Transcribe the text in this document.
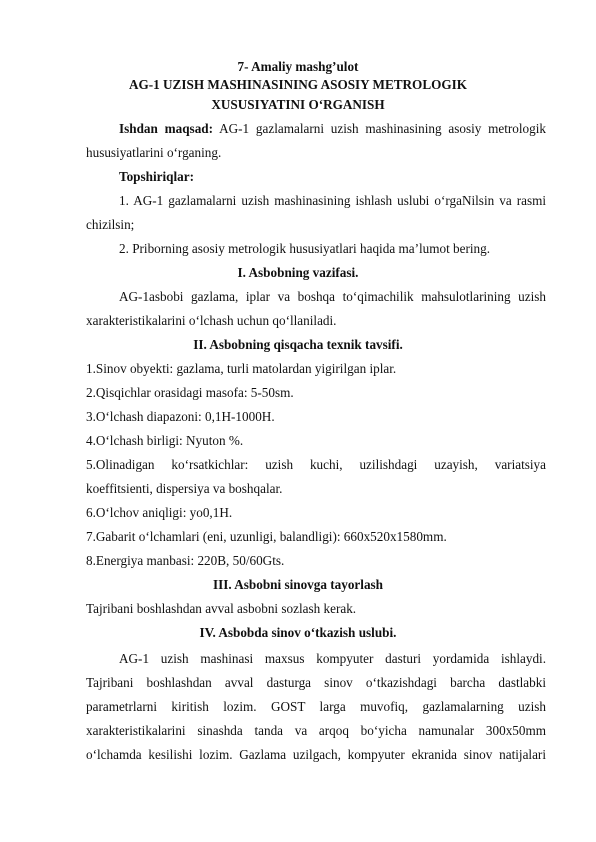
7- Amaliy mashg’ulot
AG-1 UZISH MASHINASINING ASOSIY METROLOGIK
XUSUSIYATINI O‘RGANISH
Ishdan maqsad: AG-1 gazlamalarni uzish mashinasining asosiy metrologik
hususiyatlarini o‘rganing.
Topshiriqlar:
1. AG-1 gazlamalarni uzish mashinasining ishlash uslubi o‘rgaNilsin va rasmi
chizilsin;
2. Priborning asosiy metrologik hususiyatlari haqida ma’lumot bering.
I. Asbobning vazifasi.
AG-1asbobi gazlama, iplar va boshqa to‘qimachilik mahsulotlarining uzish
xarakteristikalarini o‘lchash uchun qo‘llaniladi.
II. Asbobning qisqacha texnik tavsifi.
1.Sinov obyekti: gazlama, turli matolardan yigirilgan iplar.
2.Qisqichlar orasidagi masofa: 5-50sm.
3.O‘lchash diapazoni: 0,1H-1000H.
4.O‘lchash birligi: Nyuton %.
5.Olinadigan ko‘rsatkichlar: uzish kuchi, uzilishdagi uzayish, variatsiya
koeffitsienti, dispersiya va boshqalar.
6.O‘lchov aniqligi: yo0,1H.
7.Gabarit o‘lchamlari (eni, uzunligi, balandligi): 660x520x1580mm.
8.Energiya manbasi: 220B, 50/60Gts.
III. Asbobni sinovga tayorlash
Tajribani boshlashdan avval asbobni sozlash kerak.
IV. Asbobda sinov o‘tkazish uslubi.
AG-1 uzish mashinasi maxsus kompyuter dasturi yordamida ishlaydi.
Tajribani boshlashdan avval dasturga sinov o‘tkazishdagi barcha dastlabki
parametrlarni kiritish lozim. GOST larga muvofiq, gazlamalarning uzish
xarakteristikalarini sinashda tanda va arqoq bo‘yicha namunalar 300x50mm
o‘lchamda kesilishi lozim. Gazlama uzilgach, kompyuter ekranida sinov natijalari
